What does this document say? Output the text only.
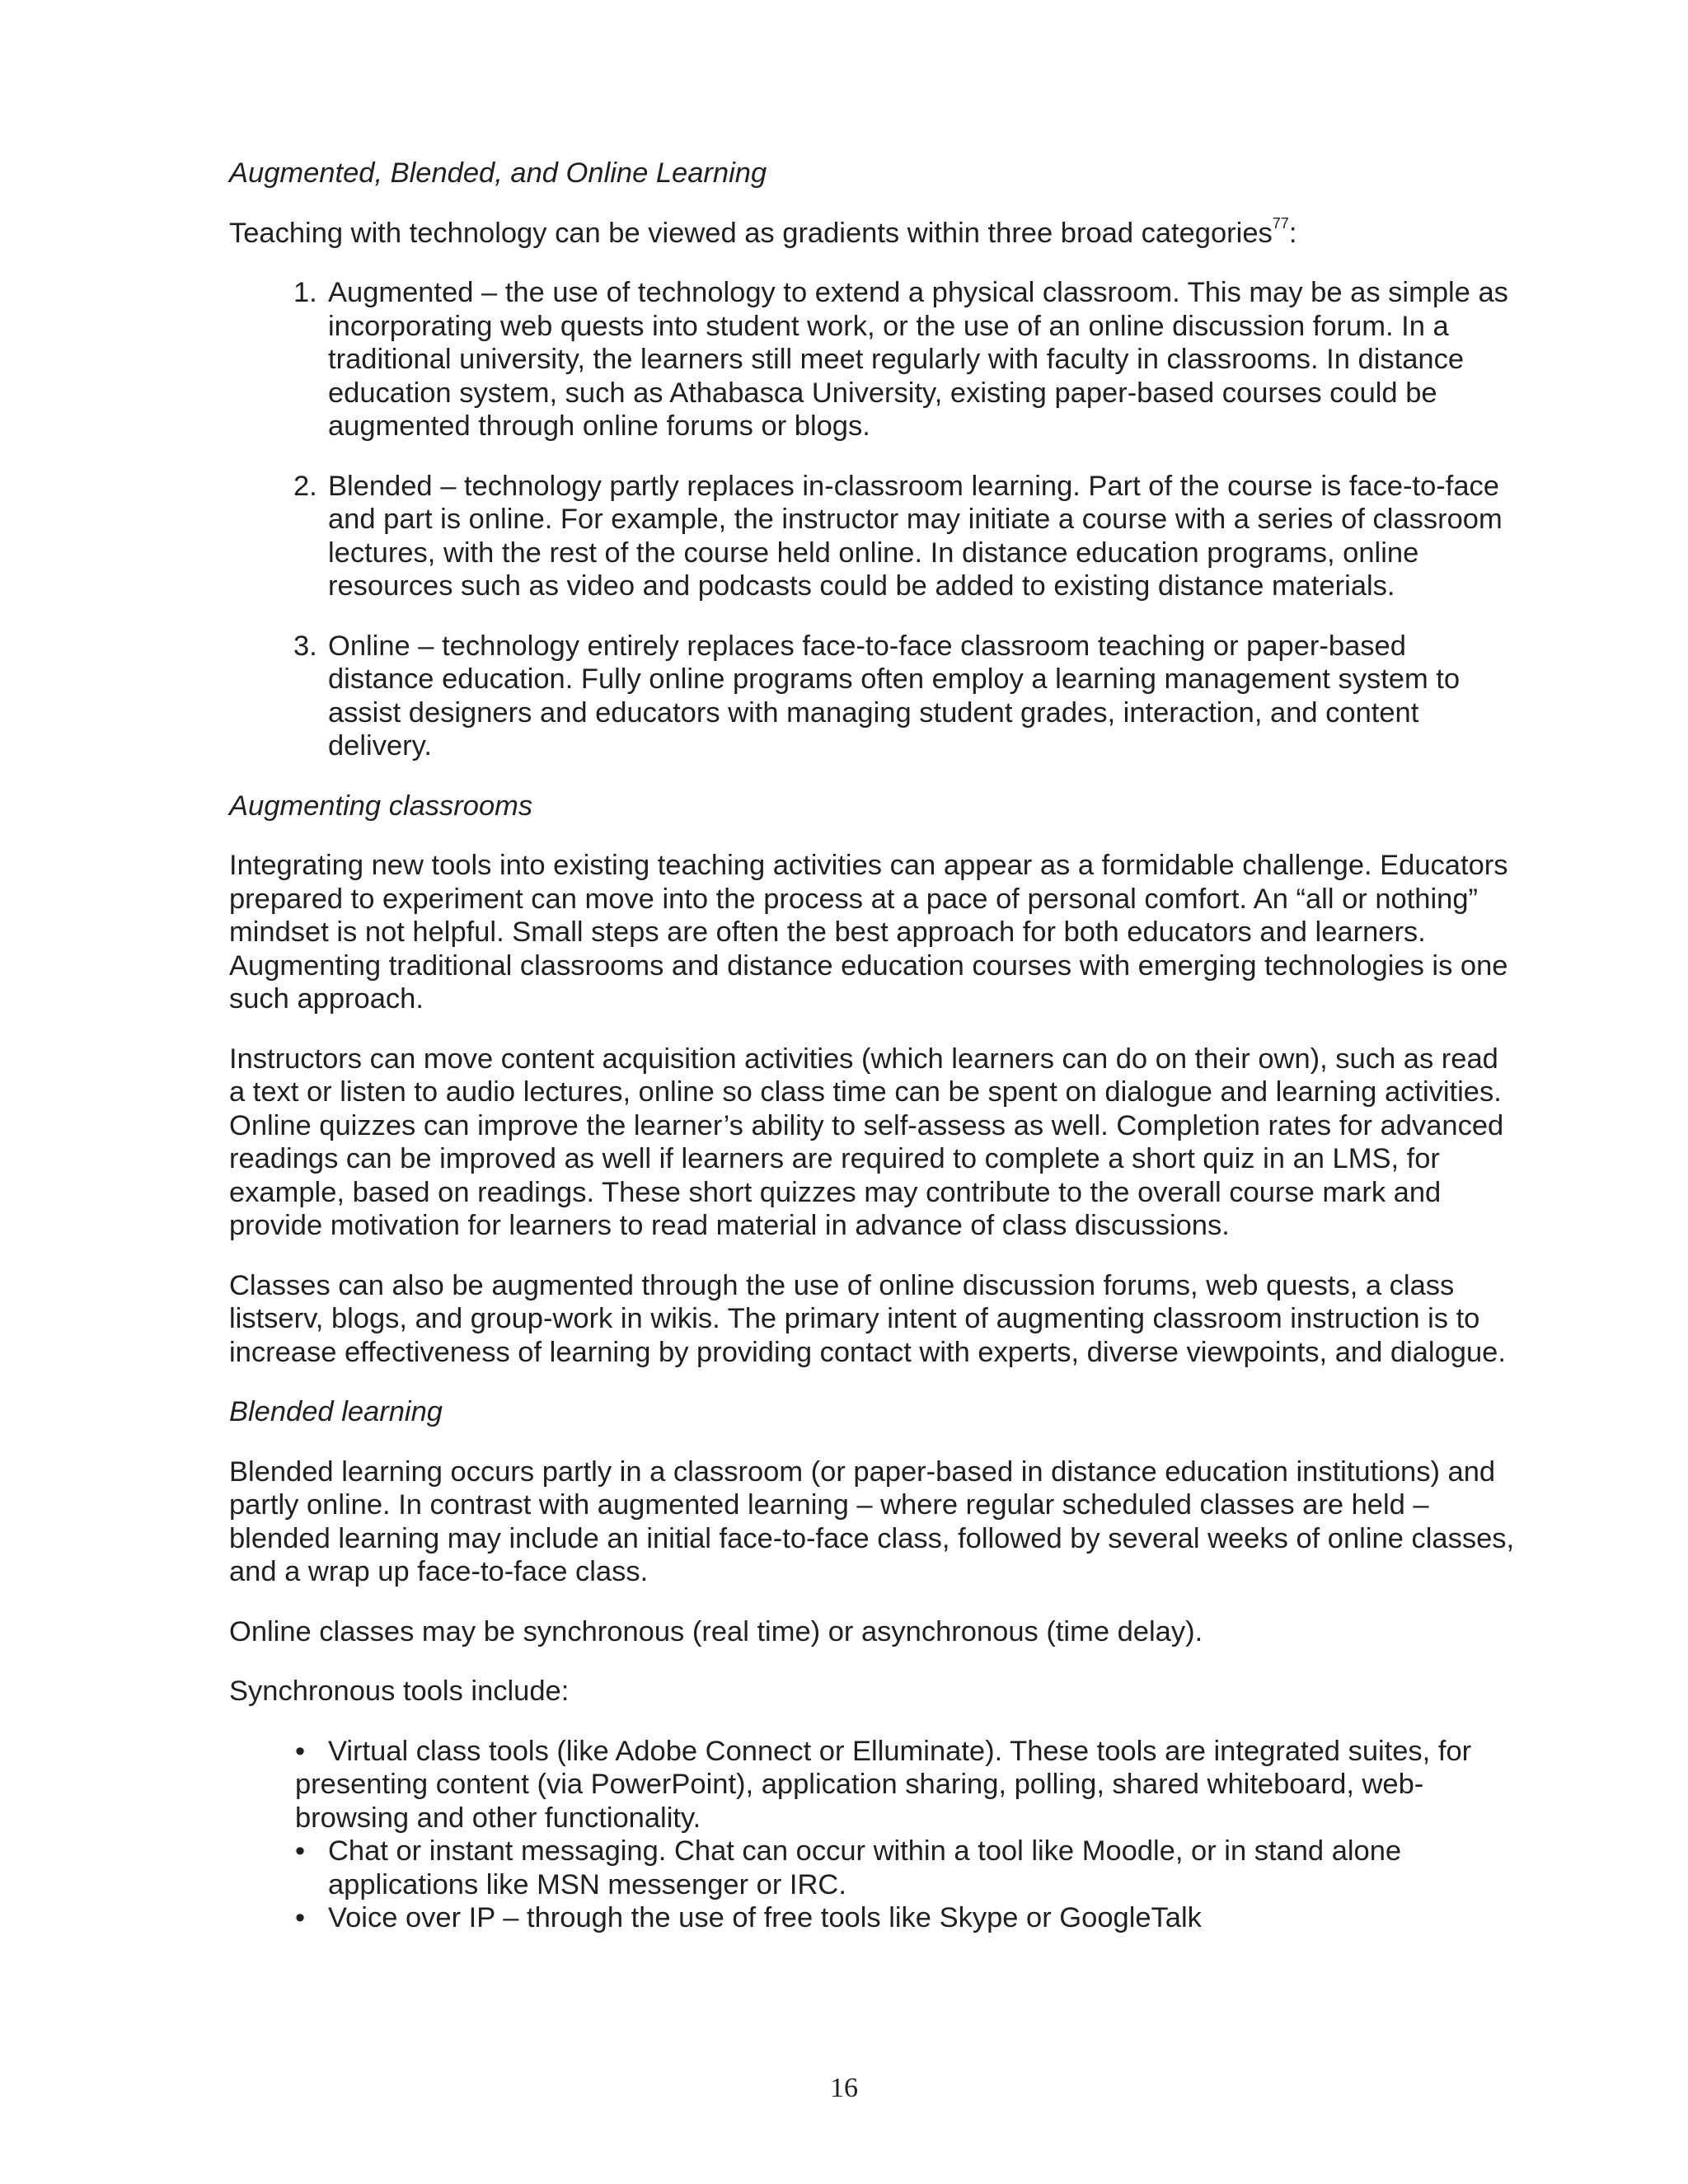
Augmented, Blended, and Online Learning

Teaching with technology can be viewed as gradients within three broad categories$^{77}$:

1. Augmented – the use of technology to extend a physical classroom. This may be as simple as incorporating web quests into student work, or the use of an online discussion forum. In a traditional university, the learners still meet regularly with faculty in classrooms. In distance education system, such as Athabasca University, existing paper-based courses could be augmented through online forums or blogs.
2. Blended – technology partly replaces in-classroom learning. Part of the course is face-to-face and part is online. For example, the instructor may initiate a course with a series of classroom lectures, with the rest of the course held online. In distance education programs, online resources such as video and podcasts could be added to existing distance materials.
3. Online – technology entirely replaces face-to-face classroom teaching or paper-based distance education. Fully online programs often employ a learning management system to assist designers and educators with managing student grades, interaction, and content delivery.
Augmenting classrooms

Integrating new tools into existing teaching activities can appear as a formidable challenge. Educators prepared to experiment can move into the process at a pace of personal comfort. An “all or nothing” mindset is not helpful. Small steps are often the best approach for both educators and learners. Augmenting traditional classrooms and distance education courses with emerging technologies is one such approach.

Instructors can move content acquisition activities (which learners can do on their own), such as read a text or listen to audio lectures, online so class time can be spent on dialogue and learning activities. Online quizzes can improve the learner’s ability to self-assess as well. Completion rates for advanced readings can be improved as well if learners are required to complete a short quiz in an LMS, for example, based on readings. These short quizzes may contribute to the overall course mark and provide motivation for learners to read material in advance of class discussions.

Classes can also be augmented through the use of online discussion forums, web quests, a class listserv, blogs, and group-work in wikis. The primary intent of augmenting classroom instruction is to increase effectiveness of learning by providing contact with experts, diverse viewpoints, and dialogue.

Blended learning

Blended learning occurs partly in a classroom (or paper-based in distance education institutions) and partly online. In contrast with augmented learning – where regular scheduled classes are held – blended learning may include an initial face-to-face class, followed by several weeks of online classes, and a wrap up face-to-face class.

Online classes may be synchronous (real time) or asynchronous (time delay).

Synchronous tools include:

• Virtual class tools (like Adobe Connect or Elluminate). These tools are integrated suites, for presenting content (via PowerPoint), application sharing, polling, shared whiteboard, web-browsing and other functionality.
• Chat or instant messaging. Chat can occur within a tool like Moodle, or in stand alone applications like MSN messenger or IRC.
• Voice over IP – through the use of free tools like Skype or GoogleTalk
16
